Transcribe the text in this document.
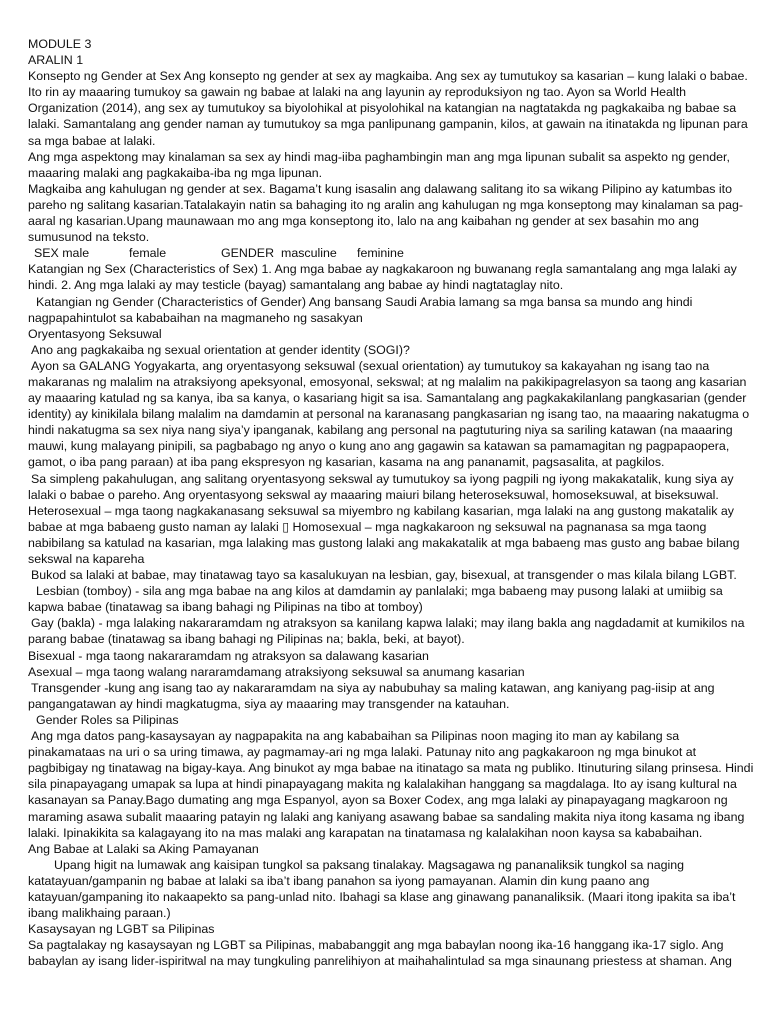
MODULE 3

ARALIN 1

Konsepto ng Gender at Sex Ang konsepto ng gender at sex ay magkaiba. Ang sex ay tumutukoy sa kasarian – kung lalaki o babae. Ito rin ay maaaring tumukoy sa gawain ng babae at lalaki na ang layunin ay reproduksiyon ng tao. Ayon sa World Health Organization (2014), ang sex ay tumutukoy sa biyolohikal at pisyolohikal na katangian na nagtatakda ng pagkakaiba ng babae sa lalaki. Samantalang ang gender naman ay tumutukoy sa mga panlipunang gampanin, kilos, at gawain na itinatakda ng lipunan para sa mga babae at lalaki.

Ang mga aspektong may kinalaman sa sex ay hindi mag-iiba paghambingin man ang mga lipunan subalit sa aspekto ng gender, maaaring malaki ang pagkakaiba-iba ng mga lipunan.

Magkaiba ang kahulugan ng gender at sex. Bagama’t kung isasalin ang dalawang salitang ito sa wikang Pilipino ay katumbas ito pareho ng salitang kasarian.Tatalakayin natin sa bahaging ito ng aralin ang kahulugan ng mga konseptong may kinalaman sa pag-aaral ng kasarian.Upang maunawaan mo ang mga konseptong ito, lalo na ang kaibahan ng gender at sex basahin mo ang sumusunod na teksto.

SEX male	female	GENDER masculine feminine

Katangian ng Sex (Characteristics of Sex) 1. Ang mga babae ay nagkakaroon ng buwanang regla samantalang ang mga lalaki ay hindi. 2. Ang mga lalaki ay may testicle (bayag) samantalang ang babae ay hindi nagtataglay nito.

Katangian ng Gender (Characteristics of Gender) Ang bansang Saudi Arabia lamang sa mga bansa sa mundo ang hindi nagpapahintulot sa kababaihan na magmaneho ng sasakyan

Oryentasyong Seksuwal

Ano ang pagkakaiba ng sexual orientation at gender identity (SOGI)?

Ayon sa GALANG Yogyakarta, ang oryentasyong seksuwal (sexual orientation) ay tumutukoy sa kakayahan ng isang tao na makaranas ng malalim na atraksiyong apeksyonal, emosyonal, sekswal; at ng malalim na pakikipagrelasyon sa taong ang kasarian ay maaaring katulad ng sa kanya, iba sa kanya, o kasariang higit sa isa. Samantalang ang pagkakakilanlang pangkasarian (gender identity) ay kinikilala bilang malalim na damdamin at personal na karanasang pangkasarian ng isang tao, na maaaring nakatugma o hindi nakatugma sa sex niya nang siya’y ipanganak, kabilang ang personal na pagtuturing niya sa sariling katawan (na maaaring mauwi, kung malayang pinipili, sa pagbabago ng anyo o kung ano ang gagawin sa katawan sa pamamagitan ng pagpapaopera, gamot, o iba pang paraan) at iba pang ekspresyon ng kasarian, kasama na ang pananamit, pagsasalita, at pagkilos.

Sa simpleng pakahulugan, ang salitang oryentasyong sekswal ay tumutukoy sa iyong pagpili ng iyong makakatalik, kung siya ay lalaki o babae o pareho. Ang oryentasyong sekswal ay maaaring maiuri bilang heteroseksuwal, homoseksuwal, at biseksuwal.

Heterosexual – mga taong nagkakanasang seksuwal sa miyembro ng kabilang kasarian, mga lalaki na ang gustong makatalik ay babae at mga babaeng gusto naman ay lalaki ▯ Homosexual – mga nagkakaroon ng seksuwal na pagnanasa sa mga taong nabibilang sa katulad na kasarian, mga lalaking mas gustong lalaki ang makakatalik at mga babaeng mas gusto ang babae bilang sekswal na kapareha

Bukod sa lalaki at babae, may tinatawag tayo sa kasalukuyan na lesbian, gay, bisexual, at transgender o mas kilala bilang LGBT.

Lesbian (tomboy) - sila ang mga babae na ang kilos at damdamin ay panlalaki; mga babaeng may pusong lalaki at umiibig sa kapwa babae (tinatawag sa ibang bahagi ng Pilipinas na tibo at tomboy)

Gay (bakla) - mga lalaking nakararamdam ng atraksyon sa kanilang kapwa lalaki; may ilang bakla ang nagdadamit at kumikilos na parang babae (tinatawag sa ibang bahagi ng Pilipinas na; bakla, beki, at bayot).

Bisexual - mga taong nakararamdam ng atraksyon sa dalawang kasarian

Asexual – mga taong walang nararamdamang atraksiyong seksuwal sa anumang kasarian

Transgender -kung ang isang tao ay nakararamdam na siya ay nabubuhay sa maling katawan, ang kaniyang pag-iisip at ang pangangatawan ay hindi magkatugma, siya ay maaaring may transgender na katauhan.

Gender Roles sa Pilipinas

Ang mga datos pang-kasaysayan ay nagpapakita na ang kababaihan sa Pilipinas noon maging ito man ay kabilang sa pinakamataas na uri o sa uring timawa, ay pagmamay-ari ng mga lalaki. Patunay nito ang pagkakaroon ng mga binukot at pagbibigay ng tinatawag na bigay-kaya. Ang binukot ay mga babae na itinatago sa mata ng publiko. Itinuturing silang prinsesa. Hindi sila pinapayagang umapak sa lupa at hindi pinapayagang makita ng kalalakihan hanggang sa magdalaga. Ito ay isang kultural na kasanayan sa Panay.Bago dumating ang mga Espanyol, ayon sa Boxer Codex, ang mga lalaki ay pinapayagang magkaroon ng maraming asawa subalit maaaring patayin ng lalaki ang kaniyang asawang babae sa sandaling makita niya itong kasama ng ibang lalaki. Ipinakikita sa kalagayang ito na mas malaki ang karapatan na tinatamasa ng kalalakihan noon kaysa sa kababaihan.

Ang Babae at Lalaki sa Aking Pamayanan

Upang higit na lumawak ang kaisipan tungkol sa paksang tinalakay. Magsagawa ng pananaliksik tungkol sa naging katatayuan/gampanin ng babae at lalaki sa iba’t ibang panahon sa iyong pamayanan. Alamin din kung paano ang katayuan/gampaning ito nakaapekto sa pang-unlad nito. Ibahagi sa klase ang ginawang pananaliksik. (Maari itong ipakita sa iba’t ibang malikhaing paraan.)

Kasaysayan ng LGBT sa Pilipinas

Sa pagtalakay ng kasaysayan ng LGBT sa Pilipinas, mababanggit ang mga babaylan noong ika-16 hanggang ika-17 siglo. Ang babaylan ay isang lider-ispiritwal na may tungkuling panrelihiyon at maihahalintulad sa mga sinaunang priestess at shaman. Ang
